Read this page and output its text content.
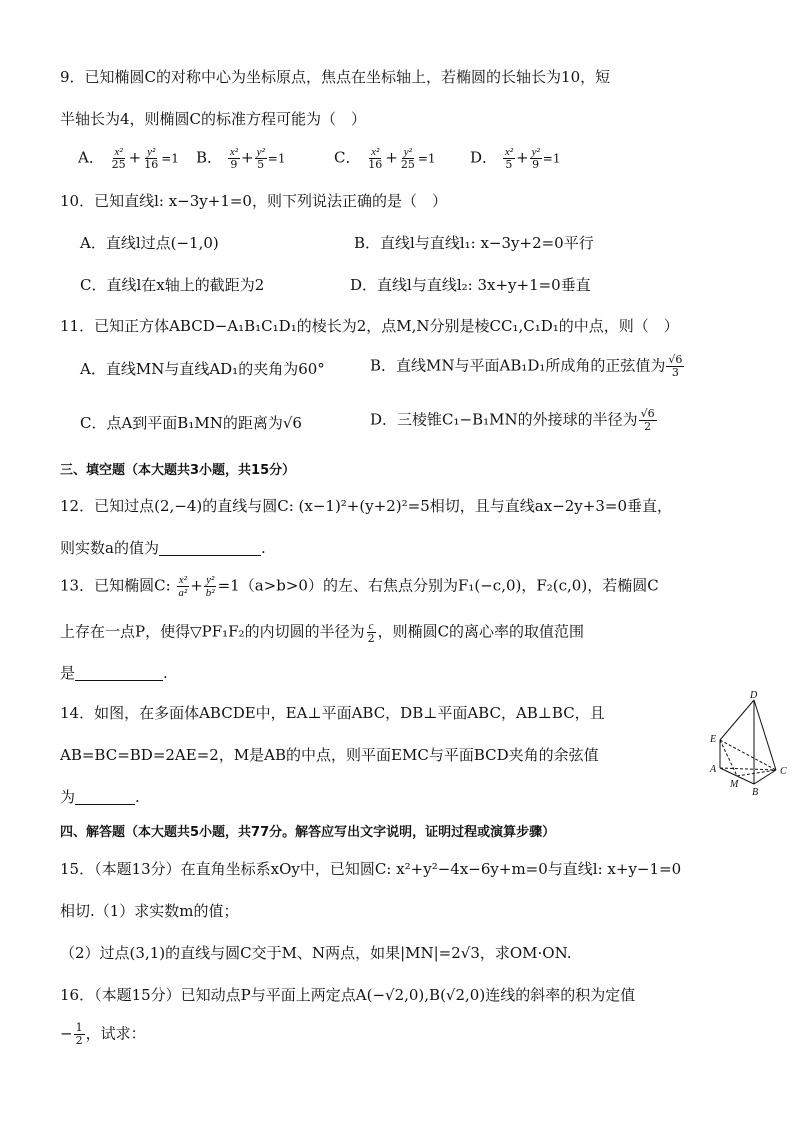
9．已知椭圆C的对称中心为坐标原点，焦点在坐标轴上，若椭圆的长轴长为10，短
半轴长为4，则椭圆C的标准方程可能为（　）
A． $\frac{\text{x²}}{25} + \frac{\text{y²}}{16} =1$ B． $\frac{\text{x²}}{9} + \frac{\text{y²}}{5} =1$	C． $\frac{\text{x²}}{16} + \frac{\text{y²}}{25} =1$ D． $\frac{\text{x²}}{5} + \frac{\text{y²}}{9} =1$
10．已知直线l: x−3y+1=0，则下列说法正确的是（　）
A．直线l过点(−1,0)	B．直线l与直线l₁: x−3y+2=0平行
C．直线l在x轴上的截距为2	D．直线l与直线l₂: 3x+y+1=0垂直
11．已知正方体ABCD−A₁B₁C₁D₁的棱长为2，点M,N分别是棱CC₁,C₁D₁的中点，则（　）
A．直线MN与直线AD₁的夹角为60°	B．直线MN与平面AB₁D₁所成角的正弦值为 $\frac{√6}{3}$
C．点A到平面B₁MN的距离为√6	D．三棱锥C₁−B₁MN的外接球的半径为 $\frac{√6}{2}$
三、填空题（本大题共3小题，共15分）
12．已知过点(2,−4)的直线与圆C: (x−1)²+(y+2)²=5相切，且与直线ax−2y+3=0垂直，
则实数a的值为	.
13．已知椭圆C: $\frac{\text{x²}}{\text{a²}} + \frac{\text{y²}}{\text{b²}} =1(a>b>0)$的左、右焦点分别为F₁(−c,0)，F₂(c,0)，若椭圆C
上存在一点P，使得▽PF₁F₂的内切圆的半径为 $\frac{c}{2}$ ，则椭圆C的离心率的取值范围
是	.
14．如图，在多面体ABCDE中，EA⊥平面ABC，DB⊥平面ABC，AB⊥BC，且
AB=BC=BD=2AE=2，M是AB的中点，则平面EMC与平面BCD夹角的余弦值
为	.
D
E
A
M
B
C
四、解答题（本大题共5小题，共77分。解答应写出文字说明，证明过程或演算步骤）
15．（本题13分）在直角坐标系xOy中，已知圆C: x²+y²−4x−6y+m=0与直线l: x+y−1=0
相切.（1）求实数m的值；
（2）过点(3,1)的直线与圆C交于M、N两点，如果|MN|=2√3，求OM·ON.
16．（本题15分）已知动点P与平面上两定点A(−√2,0),B(√2,0)连线的斜率的积为定值
− $\frac{1}{2}$ ，试求：
